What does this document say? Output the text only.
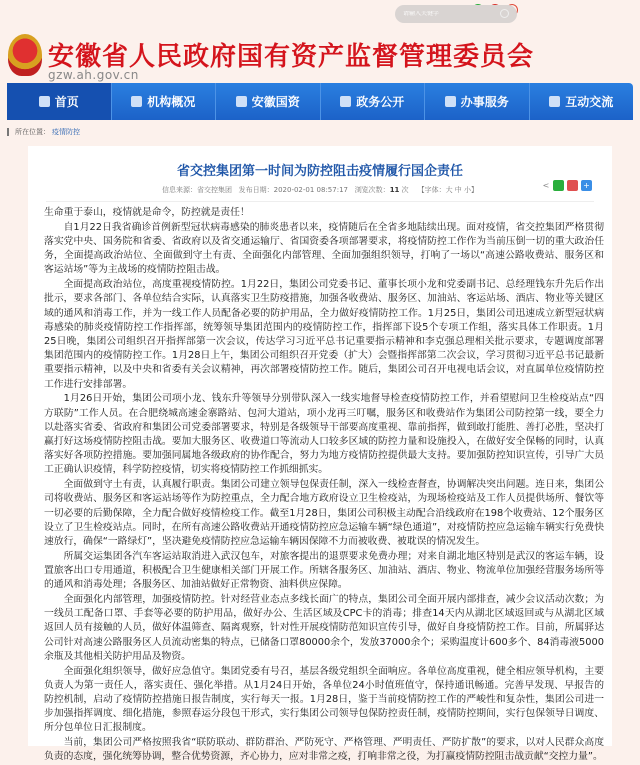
请输入关键字
安徽省人民政府国有资产监督管理委员会
gzw.ah.gov.cn
首页	机构概况	安徽国资	政务公开	办事服务	互动交流
所在位置： 疫情防控
省交控集团第一时间为防控阻击疫情履行国企责任
信息来源：省交控集团 发布日期：2020-02-01 08:57:17 浏览次数：11 次 【字体：大 中 小】	<	+

生命重于泰山，疫情就是命令，防控就是责任！

自1月22日我省确诊首例新型冠状病毒感染的肺炎患者以来，疫情随后在全省多地陆续出现。面对疫情，省交控集团严格贯彻落实党中央、国务院和省委、省政府以及省交通运输厅、省国资委各项部署要求，将疫情防控工作作为当前压倒一切的重大政治任务，全面提高政治站位、全面做到守土有责、全面强化内部管理、全面加强组织领导，打响了一场以“高速公路收费站、服务区和客运站场”等为主战场的疫情防控阻击战。

全面提高政治站位，高度重视疫情防控。1月22日，集团公司党委书记、董事长项小龙和党委副书记、总经理钱东升先后作出批示，要求各部门、各单位结合实际，认真落实卫生防疫措施，加强各收费站、服务区、加油站、客运站场、酒店、物业等关键区域的通风和消毒工作，并为一线工作人员配备必要的防护用品，全力做好疫情防控工作。1月25日，集团公司迅速成立新型冠状病毒感染的肺炎疫情防控工作指挥部，统筹领导集团范围内的疫情防控工作，指挥部下设5个专项工作组，落实具体工作职责。1月25日晚，集团公司组织召开指挥部第一次会议，传达学习习近平总书记重要指示精神和李克强总理相关批示要求，专题调度部署集团范围内的疫情防控工作。1月28日上午，集团公司组织召开党委（扩大）会暨指挥部第二次会议，学习贯彻习近平总书记最新重要指示精神，以及中央和省委有关会议精神，再次部署疫情防控工作。随后，集团公司召开电视电话会议，对直属单位疫情防控工作进行安排部署。

1月26日开始，集团公司项小龙、钱东升等领导分别带队深入一线实地督导检查疫情防控工作，并看望慰问卫生检疫站点“四方联防”工作人员。在合肥绕城高速金寨路站、包河大道站，项小龙再三叮嘱，服务区和收费站作为集团公司防控第一线，要全力以赴落实省委、省政府和集团公司党委部署要求，特别是各级领导干部要高度重视、靠前指挥，做到敢打能胜、善打必胜，坚决打赢打好这场疫情防控阻击战。要加大服务区、收费道口等流动人口较多区域的防控力量和设施投入，在做好安全保畅的同时，认真落实好各项防控措施。要加强同属地各级政府的协作配合，努力为地方疫情防控提供最大支持。要加强防控知识宣传，引导广大员工正确认识疫情，科学防控疫情，切实将疫情防控工作抓细抓实。

全面做到守土有责，认真履行职责。集团公司建立领导包保责任制，深入一线检查督查，协调解决突出问题。连日来，集团公司将收费站、服务区和客运站场等作为防控重点，全力配合地方政府设立卫生检疫站，为现场检疫站及工作人员提供场所、餐饮等一切必要的后勤保障，全力配合做好疫情检疫工作。截至1月28日，集团公司积极主动配合沿线政府在198个收费站、12个服务区设立了卫生检疫站点。同时，在所有高速公路收费站开通疫情防控应急运输车辆“绿色通道”，对疫情防控应急运输车辆实行免费快速放行，确保“一路绿灯”，坚决避免疫情防控应急运输车辆因保障不力而被收费、被耽误的情况发生。

所属交运集团各汽车客运站取消进入武汉包车，对旅客提出的退票要求免费办理；对来自湖北地区特别是武汉的客运车辆，设置旅客出口专用通道，积极配合卫生健康相关部门开展工作。所辖各服务区、加油站、酒店、物业、物流单位加强经营服务场所等的通风和消毒处理；各服务区、加油站做好正常物资、油料供应保障。

全面强化内部管理，加强疫情防控。针对经营业态点多线长面广的特点，集团公司全面开展内部排查，减少会议活动次数；为一线员工配备口罩、手套等必要的防护用品，做好办公、生活区域及CPC卡的消毒；排查14天内从湖北区域返回或与从湖北区域返回人员有接触的人员，做好体温筛查、隔离观察，针对性开展疫情防范知识宣传引导，做好自身疫情防控工作。目前，所属驿达公司针对高速公路服务区人员流动密集的特点，已储备口罩80000余个，发放37000余个；采购温度计600多个、84消毒液5000余瓶及其他相关防护用品及物资。

全面强化组织领导，做好应急值守。集团党委有号召，基层各级党组织全面响应。各单位高度重视，健全相应领导机构，主要负责人为第一责任人，落实责任、强化举措。从1月24日开始，各单位24小时值班值守，保持通讯畅通。完善早发现、早报告的防控机制，启动了疫情防控措施日报告制度，实行每天一报。1月28日，鉴于当前疫情防控工作的严峻性和复杂性，集团公司进一步加强指挥调度、细化措施，参照春运分段包干形式，实行集团公司领导包保防控责任制，疫情防控期间，实行包保领导日调度、所分包单位日汇报制度。

当前，集团公司严格按照我省“联防联动、群防群治、严防死守、严格管理、严明责任、严防扩散”的要求，以对人民群众高度负责的态度，强化统筹协调，整合优势资源，齐心协力，应对非常之疫，打响非常之役，为打赢疫情防控阻击战贡献“交控力量”。
